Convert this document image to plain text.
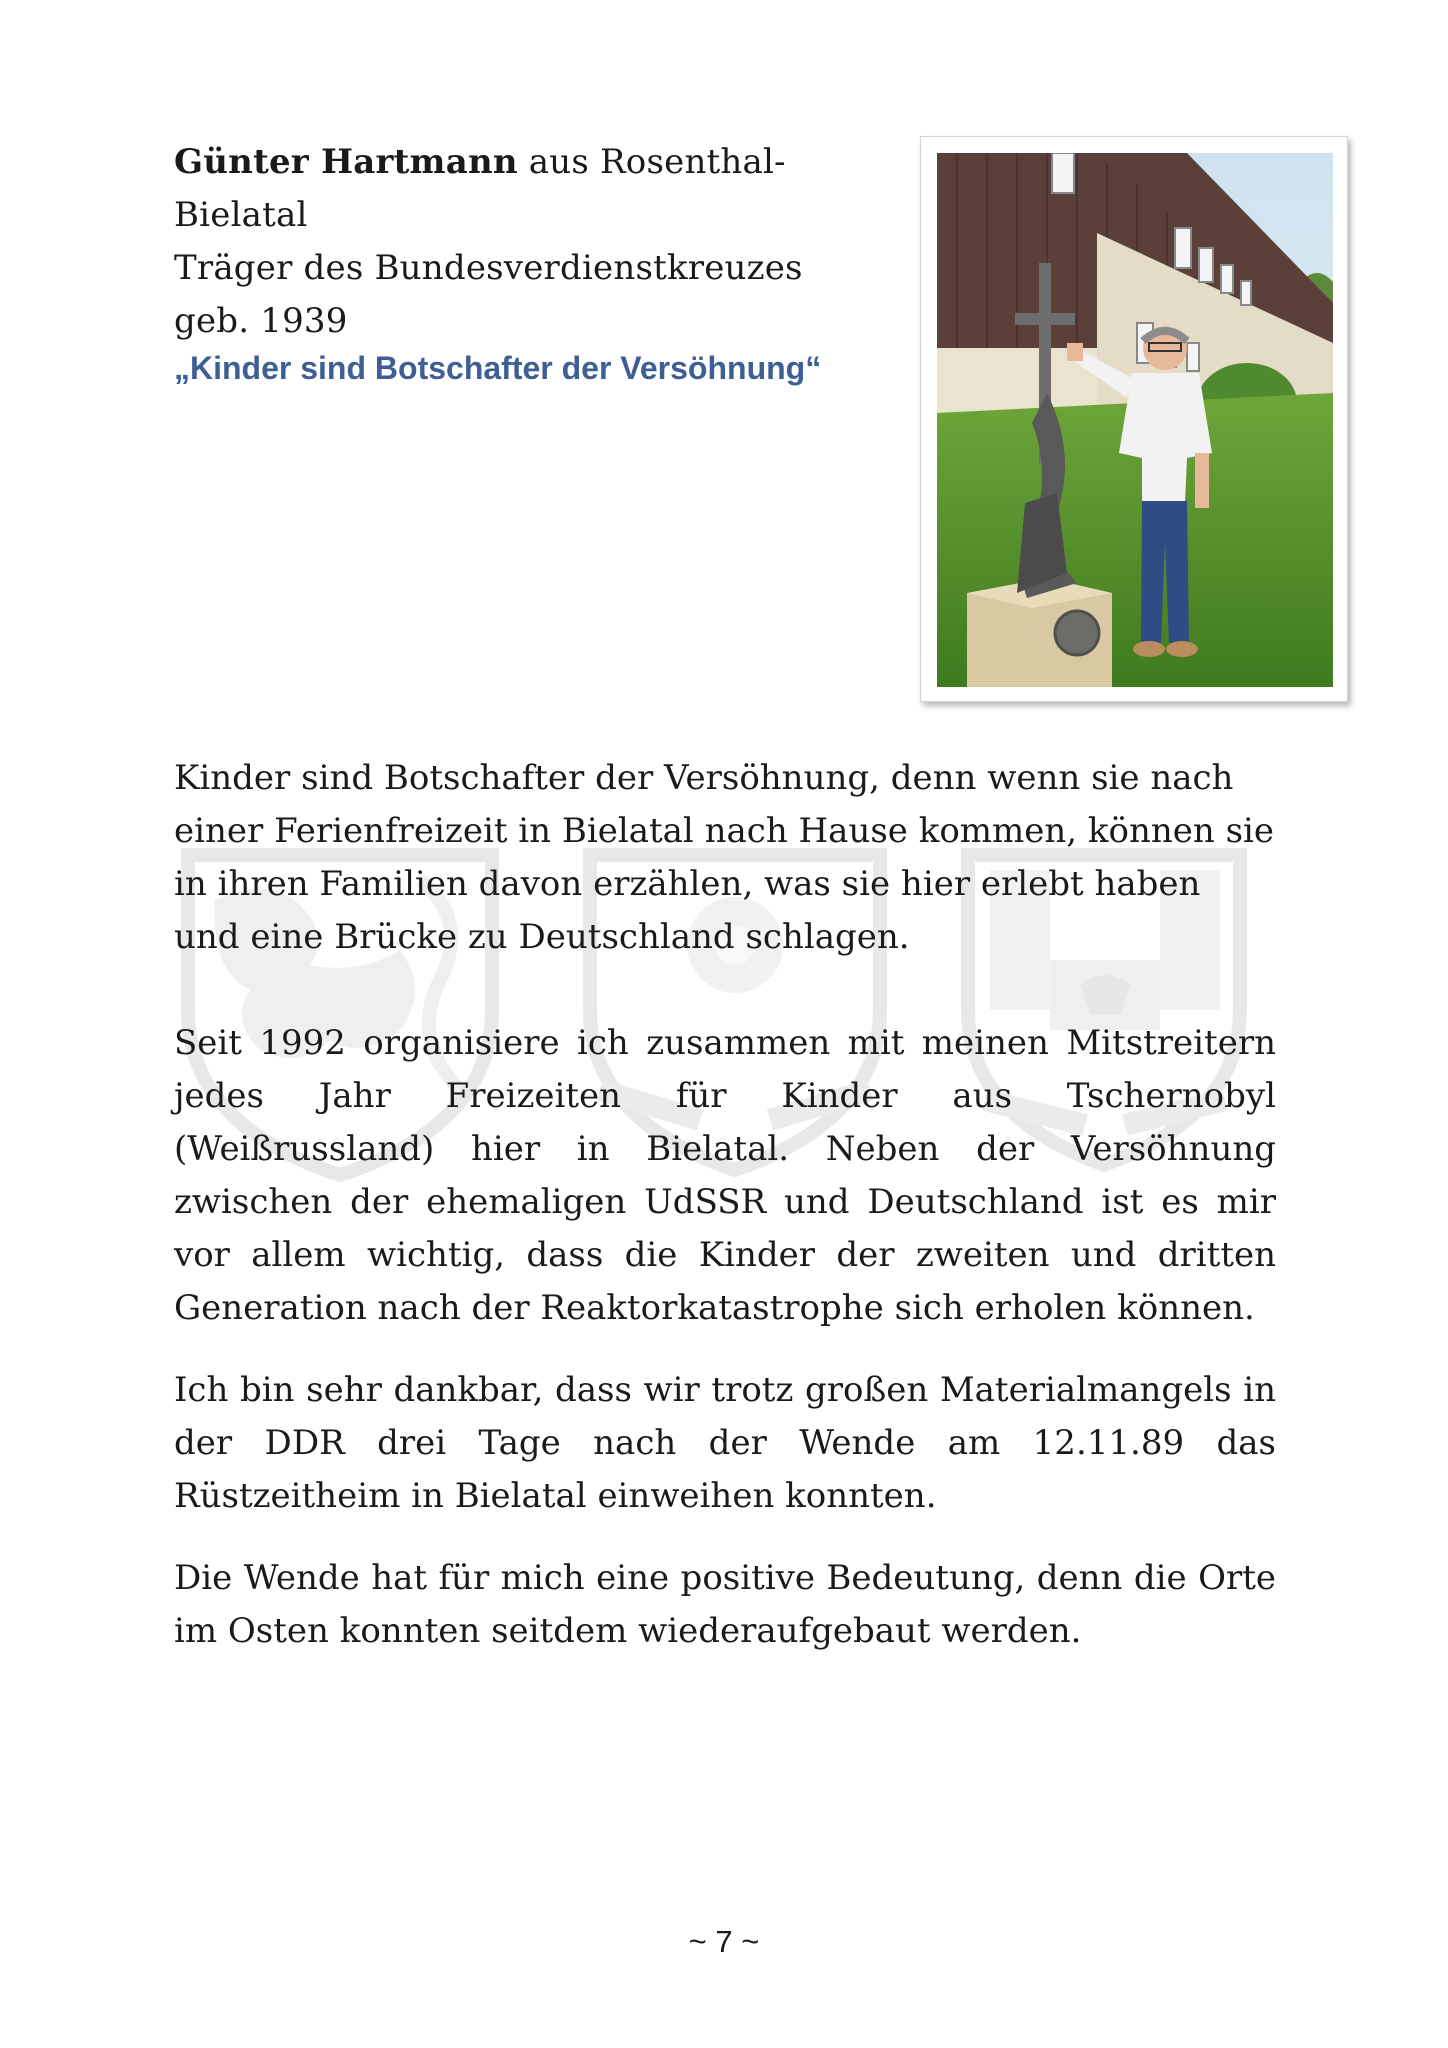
Günter Hartmann aus Rosenthal-Bielatal
Träger des Bundesverdienstkreuzes
geb. 1939
„Kinder sind Botschafter der Versöhnung“

Kinder sind Botschafter der Versöhnung, denn wenn sie nach einer Ferienfreizeit in Bielatal nach Hause kommen, können sie in ihren Familien davon erzählen, was sie hier erlebt haben und eine Brücke zu Deutschland schlagen.

Seit 1992 organisiere ich zusammen mit meinen Mitstreitern jedes Jahr Freizeiten für Kinder aus Tschernobyl (Weißrussland) hier in Bielatal. Neben der Versöhnung zwischen der ehemaligen UdSSR und Deutschland ist es mir vor allem wichtig, dass die Kinder der zweiten und dritten Generation nach der Reaktorkatastrophe sich erholen können.

Ich bin sehr dankbar, dass wir trotz großen Materialmangels in der DDR drei Tage nach der Wende am 12.11.89 das Rüstzeitheim in Bielatal einweihen konnten.

Die Wende hat für mich eine positive Bedeutung, denn die Orte im Osten konnten seitdem wiederaufgebaut werden.

~ 7 ~
